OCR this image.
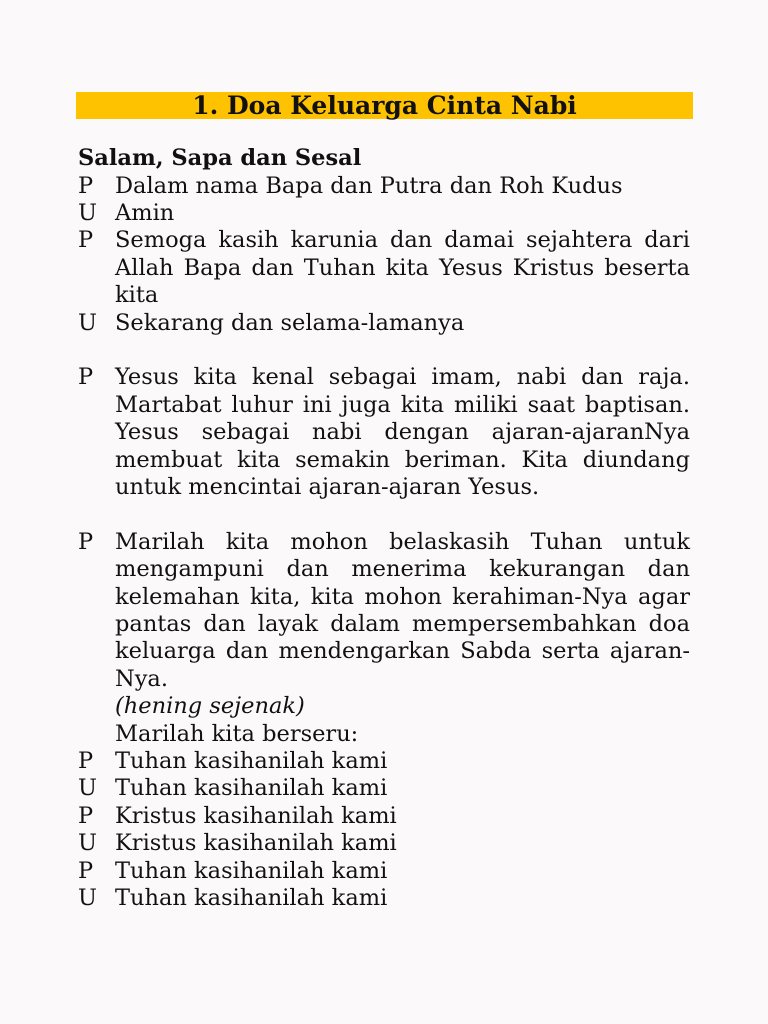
1. Doa Keluarga Cinta Nabi
Salam, Sapa dan Sesal
P Dalam nama Bapa dan Putra dan Roh Kudus
U Amin
P Semoga kasih karunia dan damai sejahtera dari Allah Bapa dan Tuhan kita Yesus Kristus beserta kita
U Sekarang dan selama-lamanya
P Yesus kita kenal sebagai imam, nabi dan raja. Martabat luhur ini juga kita miliki saat baptisan. Yesus sebagai nabi dengan ajaran-ajaranNya membuat kita semakin beriman. Kita diundang untuk mencintai ajaran-ajaran Yesus.
P Marilah kita mohon belaskasih Tuhan untuk mengampuni dan menerima kekurangan dan kelemahan kita, kita mohon kerahiman-Nya agar pantas dan layak dalam mempersembahkan doa keluarga dan mendengarkan Sabda serta ajaran-Nya.
(hening sejenak)
Marilah kita berseru:
P Tuhan kasihanilah kami
U Tuhan kasihanilah kami
P Kristus kasihanilah kami
U Kristus kasihanilah kami
P Tuhan kasihanilah kami
U Tuhan kasihanilah kami
